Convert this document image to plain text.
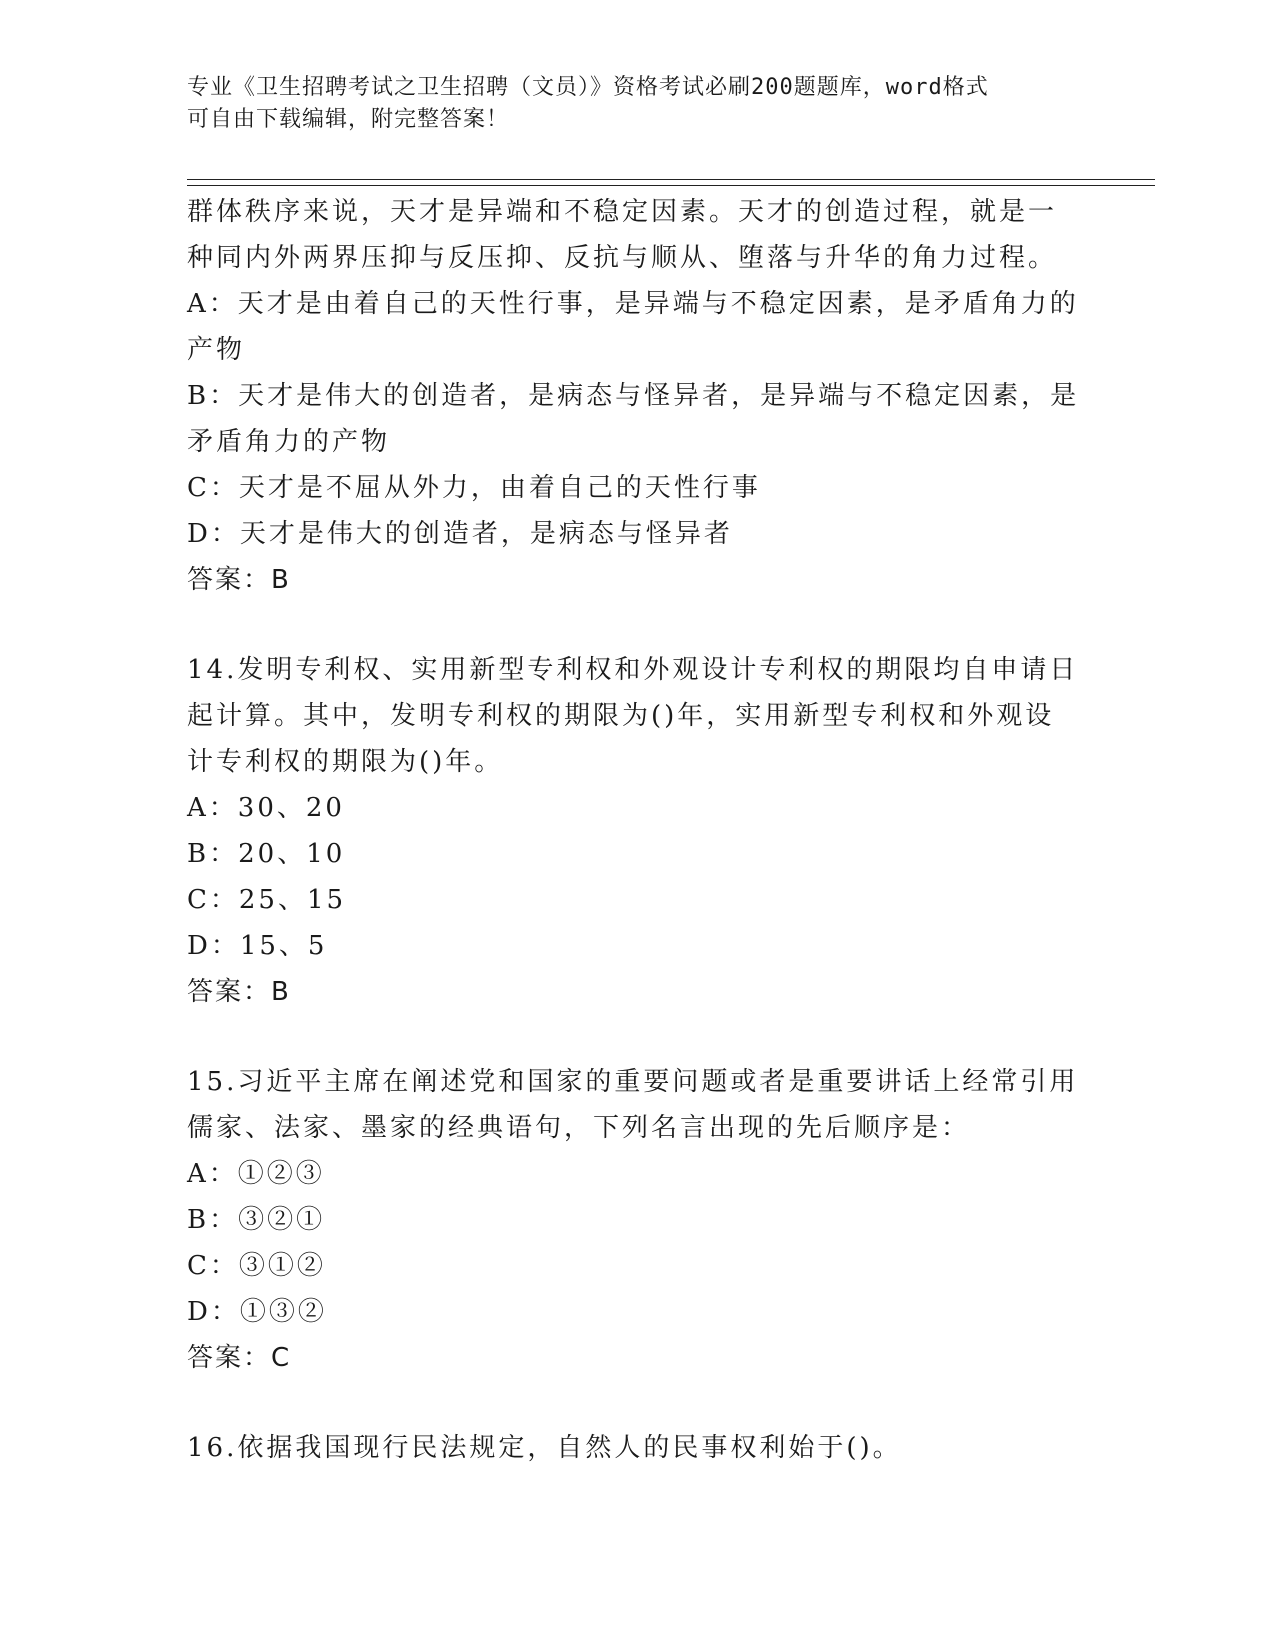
专业《卫生招聘考试之卫生招聘（文员）》资格考试必刷200题题库，word格式
可自由下载编辑，附完整答案！
群体秩序来说，天才是异端和不稳定因素。天才的创造过程，就是一
种同内外两界压抑与反压抑、反抗与顺从、堕落与升华的角力过程。
A：天才是由着自己的天性行事，是异端与不稳定因素，是矛盾角力的
产物
B：天才是伟大的创造者，是病态与怪异者，是异端与不稳定因素，是
矛盾角力的产物
C：天才是不屈从外力，由着自己的天性行事
D：天才是伟大的创造者，是病态与怪异者
答案：B
14.发明专利权、实用新型专利权和外观设计专利权的期限均自申请日
起计算。其中，发明专利权的期限为()年，实用新型专利权和外观设
计专利权的期限为()年。
A：30、20
B：20、10
C：25、15
D：15、5
答案：B
15.习近平主席在阐述党和国家的重要问题或者是重要讲话上经常引用
儒家、法家、墨家的经典语句，下列名言出现的先后顺序是：
A：①②③
B：③②①
C：③①②
D：①③②
答案：C
16.依据我国现行民法规定，自然人的民事权利始于()。
